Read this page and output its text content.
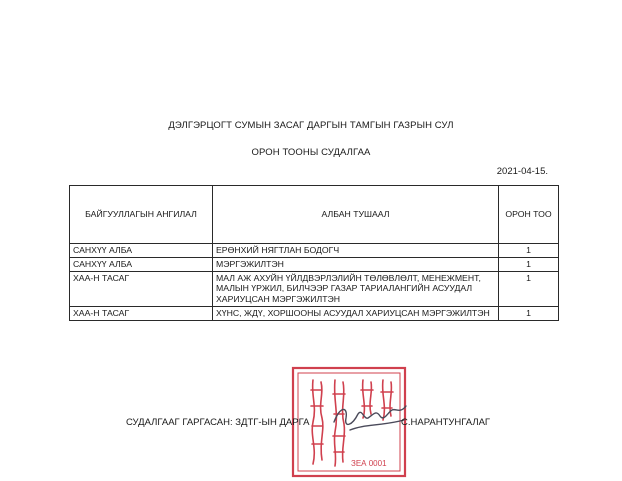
ДЭЛГЭРЦОГТ СУМЫН ЗАСАГ ДАРГЫН ТАМГЫН ГАЗРЫН СУЛ
ОРОН ТООНЫ СУДАЛГАА
2021-04-15.
БАЙГУУЛЛАГЫН АНГИЛАЛ	АЛБАН ТУШААЛ	ОРОН ТОО
САНХҮҮ АЛБА	ЕРӨНХИЙ НЯГТЛАН БОДОГЧ	1
САНХҮҮ АЛБА	МЭРГЭЖИЛТЭН	1
ХАА-Н ТАСАГ	МАЛ АЖ АХУЙН ҮЙЛДВЭРЛЭЛИЙН ТӨЛӨВЛӨЛТ, МЕНЕЖМЕНТ, МАЛЫН ҮРЖИЛ, БИЛЧЭЭР ГАЗАР ТАРИАЛАНГИЙН АСУУДАЛ ХАРИУЦСАН МЭРГЭЖИЛТЭН	1
ХАА-Н ТАСАГ	ХҮНС, ЖДҮ, ХОРШООНЫ АСУУДАЛ ХАРИУЦСАН МЭРГЭЖИЛТЭН	1
ЗЕА 0001
СУДАЛГААГ ГАРГАСАН: ЗДТГ-ЫН ДАРГА	С.НАРАНТУНГАЛАГ
